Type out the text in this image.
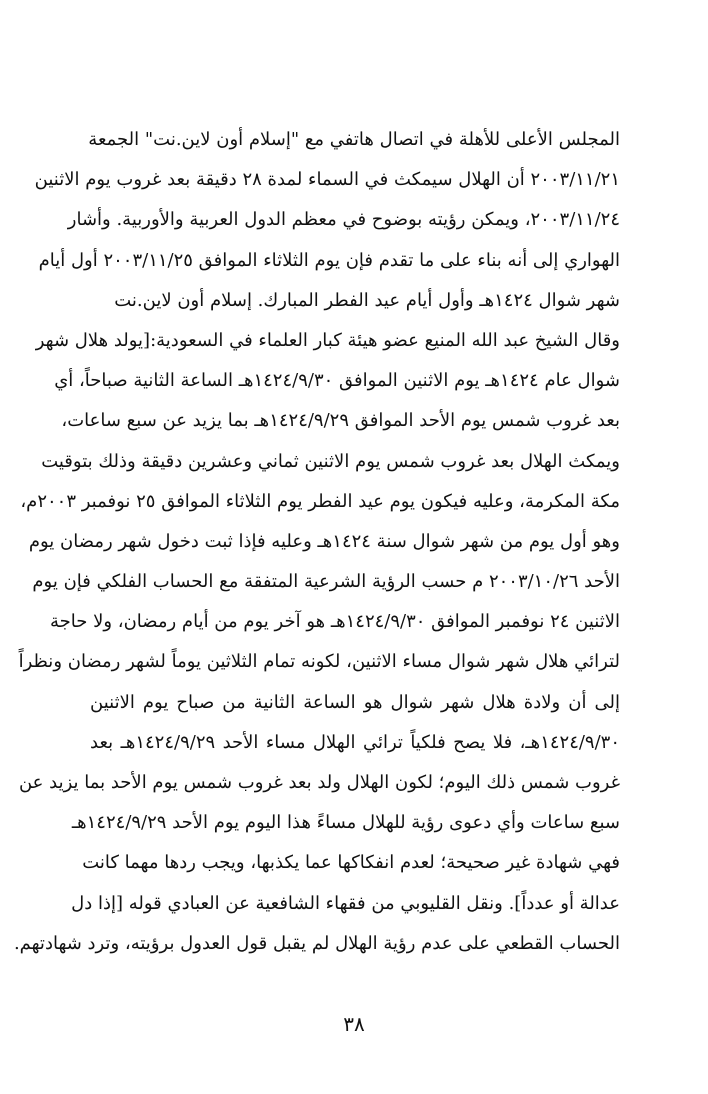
المجلس الأعلى للأهلة في اتصال هاتفي مع "إسلام أون لاين.نت" الجمعة
٢٠٠٣/١١/٢١ أن الهلال سيمكث في السماء لمدة ٢٨ دقيقة بعد غروب يوم الاثنين
٢٠٠٣/١١/٢٤، ويمكن رؤيته بوضوح في معظم الدول العربية والأوربية. وأشار
الهواري إلى أنه بناء على ما تقدم فإن يوم الثلاثاء الموافق ٢٠٠٣/١١/٢٥ أول أيام
شهر شوال ١٤٢٤هـ وأول أيام عيد الفطر المبارك. إسلام أون لاين.نت
وقال الشيخ عبد الله المنيع عضو هيئة كبار العلماء في السعودية:[يولد هلال شهر
شوال عام ١٤٢٤هـ يوم الاثنين الموافق ١٤٢٤/٩/٣٠هـ الساعة الثانية صباحاً، أي
بعد غروب شمس يوم الأحد الموافق ١٤٢٤/٩/٢٩هـ بما يزيد عن سبع ساعات،
ويمكث الهلال بعد غروب شمس يوم الاثنين ثماني وعشرين دقيقة وذلك بتوقيت
مكة المكرمة، وعليه فيكون يوم عيد الفطر يوم الثلاثاء الموافق ٢٥ نوفمبر ٢٠٠٣م،
وهو أول يوم من شهر شوال سنة ١٤٢٤هـ وعليه فإذا ثبت دخول شهر رمضان يوم
الأحد ٢٠٠٣/١٠/٢٦ م حسب الرؤية الشرعية المتفقة مع الحساب الفلكي فإن يوم
الاثنين ٢٤ نوفمبر الموافق ١٤٢٤/٩/٣٠هـ هو آخر يوم من أيام رمضان، ولا حاجة
لترائي هلال شهر شوال مساء الاثنين، لكونه تمام الثلاثين يوماً لشهر رمضان ونظراً
إلى أن ولادة هلال شهر شوال هو الساعة الثانية من صباح يوم الاثنين
١٤٢٤/٩/٣٠هـ، فلا يصح فلكياً ترائي الهلال مساء الأحد ١٤٢٤/٩/٢٩هـ بعد
غروب شمس ذلك اليوم؛ لكون الهلال ولد بعد غروب شمس يوم الأحد بما يزيد عن
سبع ساعات وأي دعوى رؤية للهلال مساءً هذا اليوم يوم الأحد ١٤٢٤/٩/٢٩هـ
فهي شهادة غير صحيحة؛ لعدم انفكاكها عما يكذبها، ويجب ردها مهما كانت
عدالة أو عدداً]. ونقل القليوبي من فقهاء الشافعية عن العبادي قوله [إذا دل
الحساب القطعي على عدم رؤية الهلال لم يقبل قول العدول برؤيته، وترد شهادتهم.
٣٨
